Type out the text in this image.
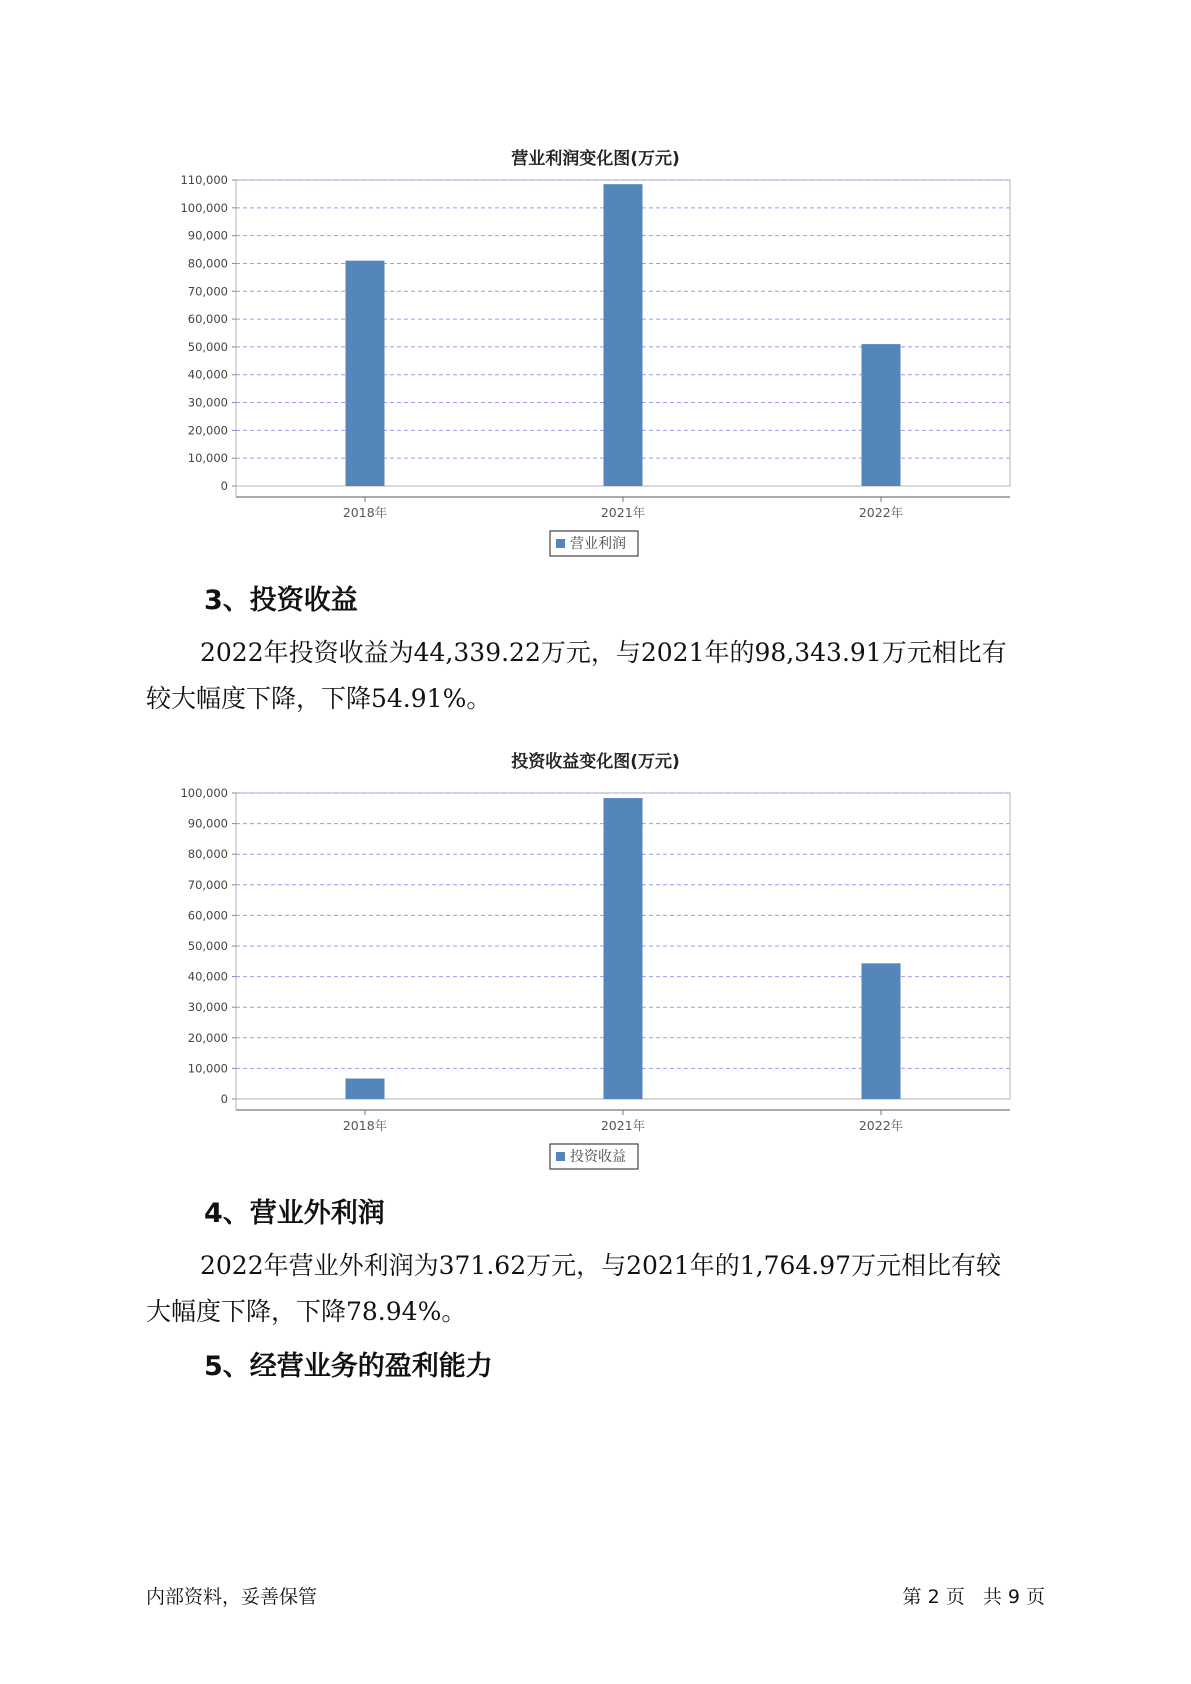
营业利润变化图(万元)
0
10,000
20,000
30,000
40,000
50,000
60,000
70,000
80,000
90,000
100,000
110,000
2018年	2021年	2022年
营业利润
3、投资收益

2022年投资收益为44,339.22万元，与2021年的98,343.91万元相比有
较大幅度下降，下降54.91%。

投资收益变化图(万元)
0
10,000
20,000
30,000
40,000
50,000
60,000
70,000
80,000
90,000
100,000
2018年	2021年	2022年
投资收益
4、营业外利润

2022年营业外利润为371.62万元，与2021年的1,764.97万元相比有较
大幅度下降，下降78.94%。

5、经营业务的盈利能力
内部资料，妥善保管	第 2 页   共 9 页
